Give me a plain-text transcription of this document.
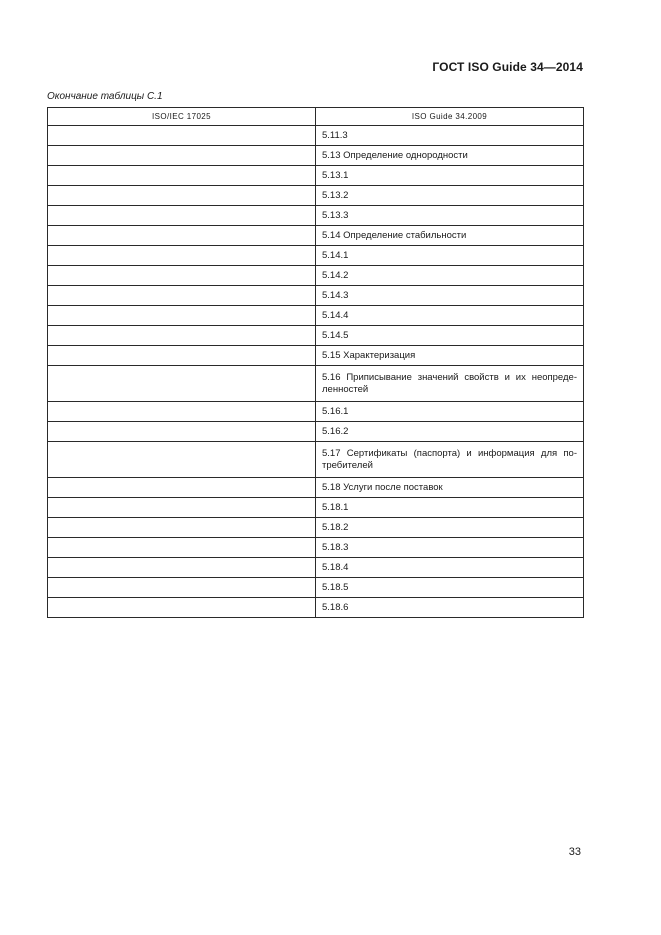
ГОСТ ISO Guide 34—2014
Окончание таблицы С.1
ISO/IEC 17025	ISO Guide 34.2009
	5.11.3
	5.13 Определение однородности
	5.13.1
	5.13.2
	5.13.3
	5.14 Определение стабильности
	5.14.1
	5.14.2
	5.14.3
	5.14.4
	5.14.5
	5.15 Характеризация
	5.16 Приписывание значений свойств и их неопреде-ленностей
	5.16.1
	5.16.2
	5.17 Сертификаты (паспорта) и информация для по-требителей
	5.18 Услуги после поставок
	5.18.1
	5.18.2
	5.18.3
	5.18.4
	5.18.5
	5.18.6
33
